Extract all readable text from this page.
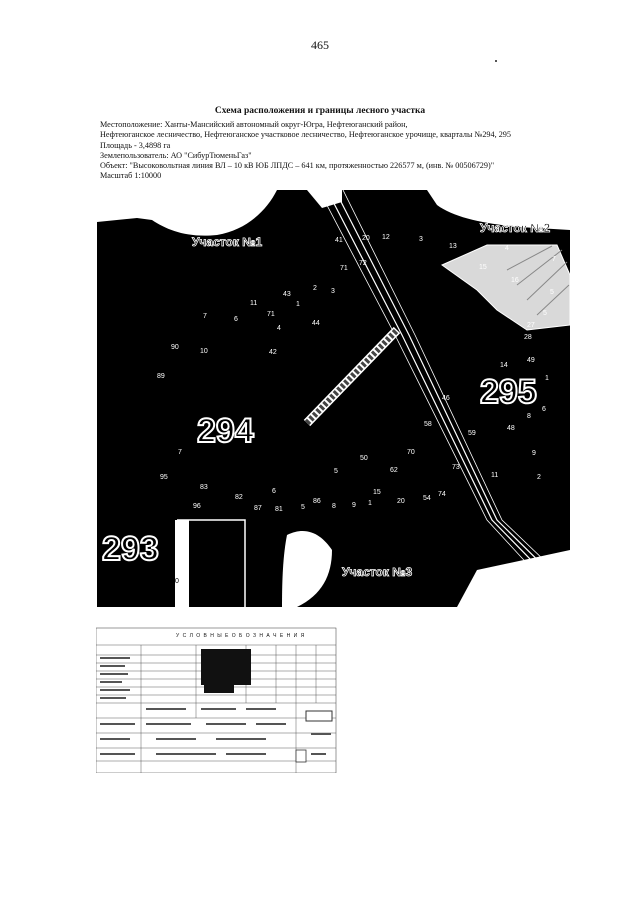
465
Схема расположения и границы лесного участка
Местоположение: Ханты-Мансийский автономный округ-Югра, Нефтеюганский район,
Нефтеюганское лесничество, Нефтеюганское участковое лесничество, Нефтеюганское урочище, кварталы №294, 295
Площадь - 3,4898 га
Землепользователь: АО "СибурТюменьГаз"
Объект: "Высоковольтная линия ВЛ – 10 кВ ЮБ ЛПДС – 641 км, протяженностью 226577 м, (инв. № 00506729)"
Масштаб 1:10000
294
295
293
Участок №1
Участок №2
Участок №3
41	20 12	3
71
72
43
2 3
11
7	6
71
1
4
44
90
10	42
89
7
95
83
82
6
96	87 81	5
86
8 9 1	20
15
54
74
5
50
62
70
73
58
59
48
46
6
8
9
11	2
14
49
28
1
27
13
15
16
4
7
5
5
23
0
У С Л О В Н Ы Е О Б О З Н А Ч Е Н И Я
